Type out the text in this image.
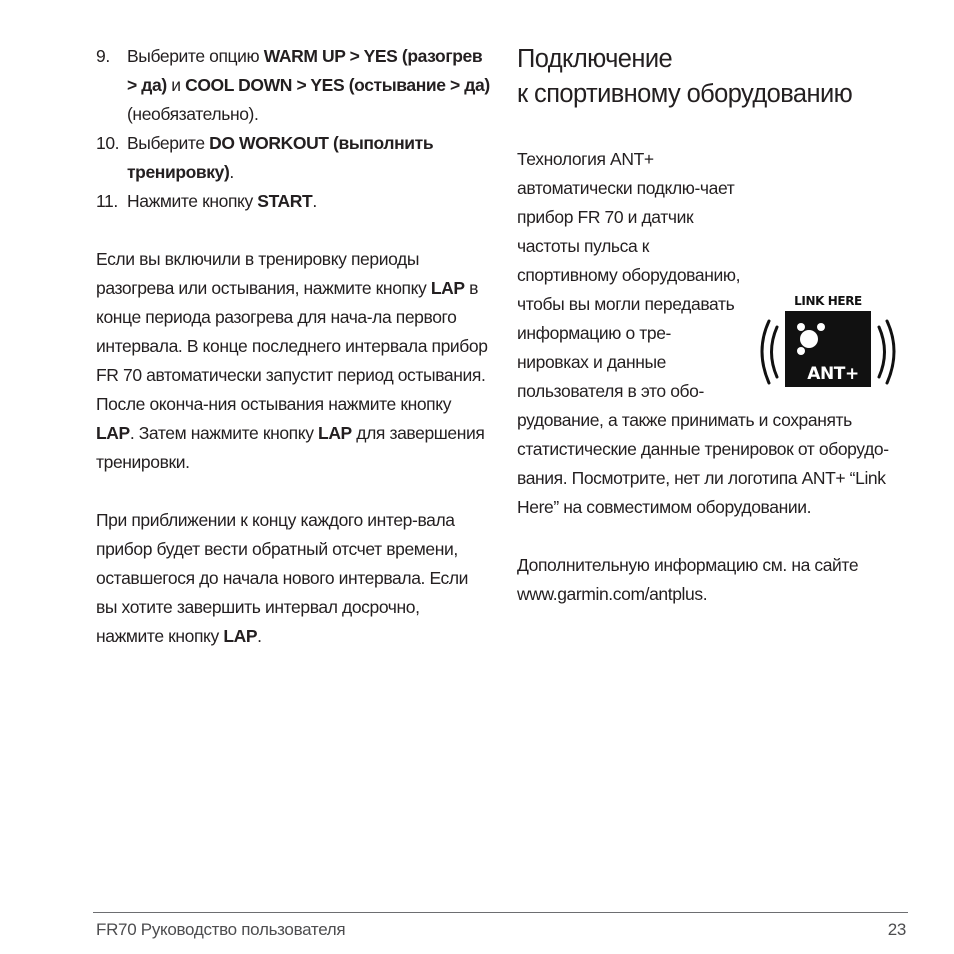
9. Выберите опцию WARM UP > YES (разогрев > да) и COOL DOWN > YES (остывание > да) (необязательно).
10. Выберите DO WORKOUT (выполнить тренировку).
11. Нажмите кнопку START.

Если вы включили в тренировку периоды разогрева или остывания, нажмите кнопку LAP в конце периода разогрева для нача-ла первого интервала. В конце последнего интервала прибор FR 70 автоматически запустит период остывания. После оконча-ния остывания нажмите кнопку LAP. Затем нажмите кнопку LAP для завершения тренировки.

При приближении к концу каждого интер-вала прибор будет вести обратный отсчет времени, оставшегося до начала нового интервала. Если вы хотите завершить интервал досрочно, нажмите кнопку LAP.

Подключение
к спортивному оборудованию
LINK HERE
ANT+

Технология ANT+ автоматически подклю-чает прибор FR 70 и датчик частоты пульса к спортивному оборудованию, чтобы вы могли передавать информацию о тре-нировках и данные пользователя в это обо-рудование, а также принимать и сохранять статистические данные тренировок от оборудо-вания. Посмотрите, нет ли логотипа ANT+ “Link Here” на совместимом оборудовании.

Дополнительную информацию см. на сайте www.garmin.com/antplus.

FR70 Руководство пользователя	23
